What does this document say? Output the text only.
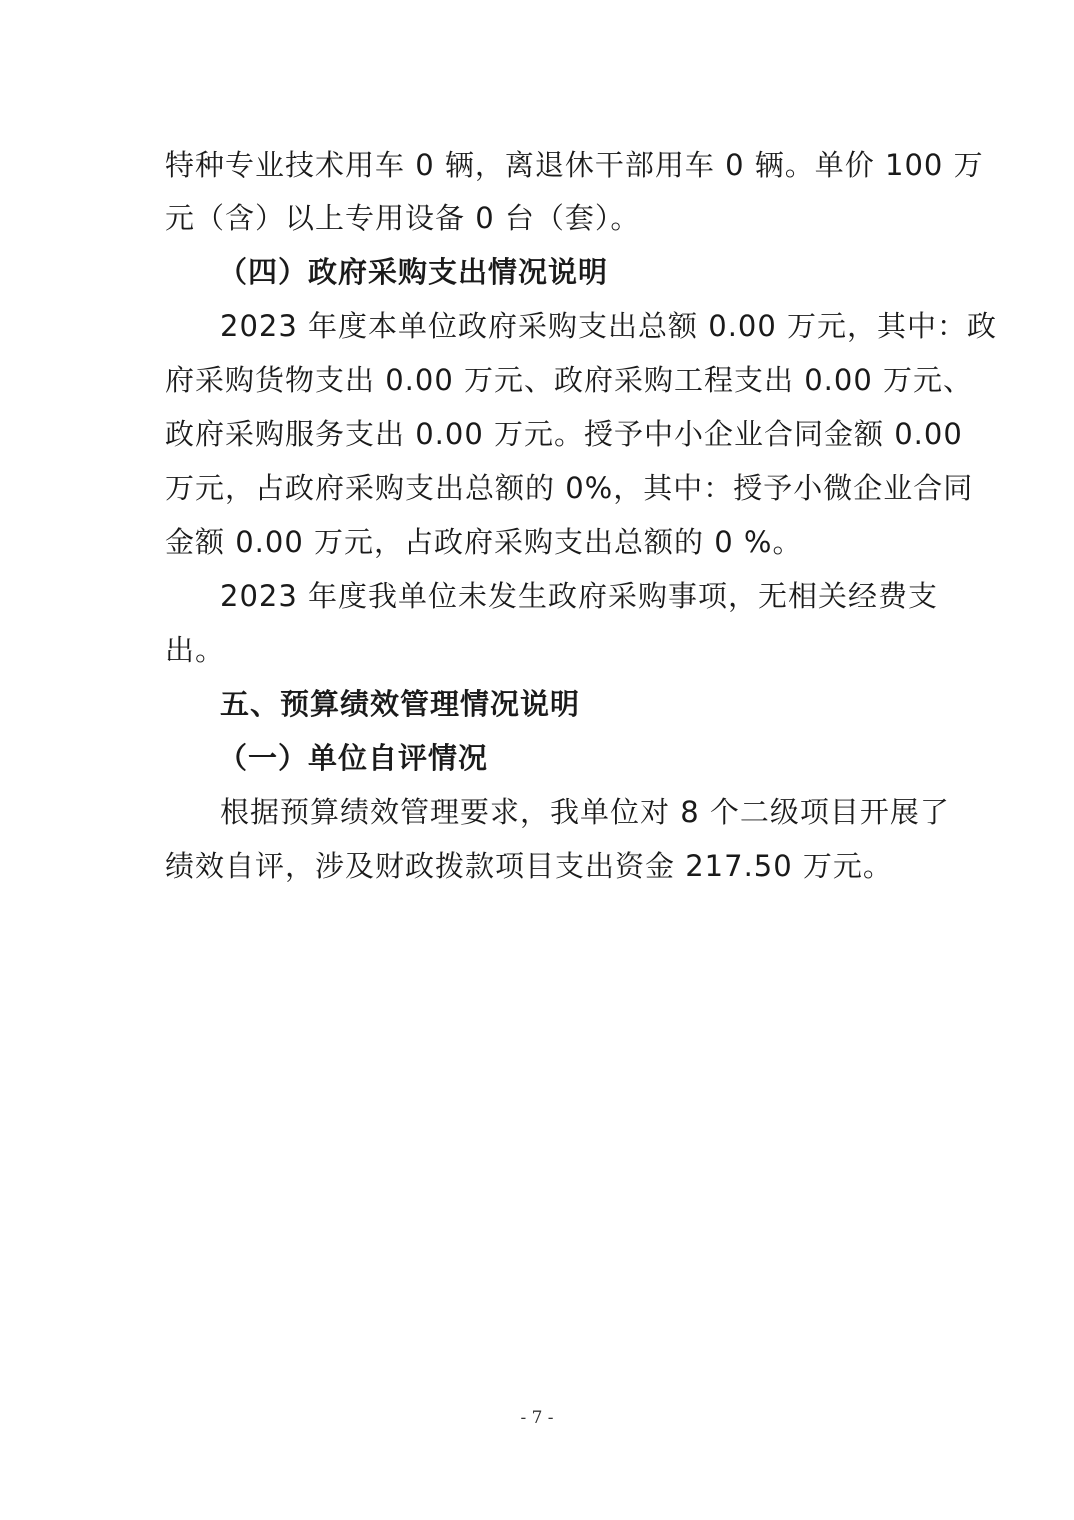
特种专业技术用车 0 辆，离退休干部用车 0 辆。单价 100 万
元（含）以上专用设备 0 台（套）。
（四）政府采购支出情况说明
2023 年度本单位政府采购支出总额 0.00 万元，其中：政
府采购货物支出 0.00 万元、政府采购工程支出 0.00 万元、
政府采购服务支出 0.00 万元。授予中小企业合同金额 0.00
万元，占政府采购支出总额的 0%，其中：授予小微企业合同
金额 0.00 万元，占政府采购支出总额的 0 %。
2023 年度我单位未发生政府采购事项，无相关经费支
出。
五、预算绩效管理情况说明
（一）单位自评情况
根据预算绩效管理要求，我单位对 8 个二级项目开展了
绩效自评，涉及财政拨款项目支出资金 217.50 万元。
- 7 -
